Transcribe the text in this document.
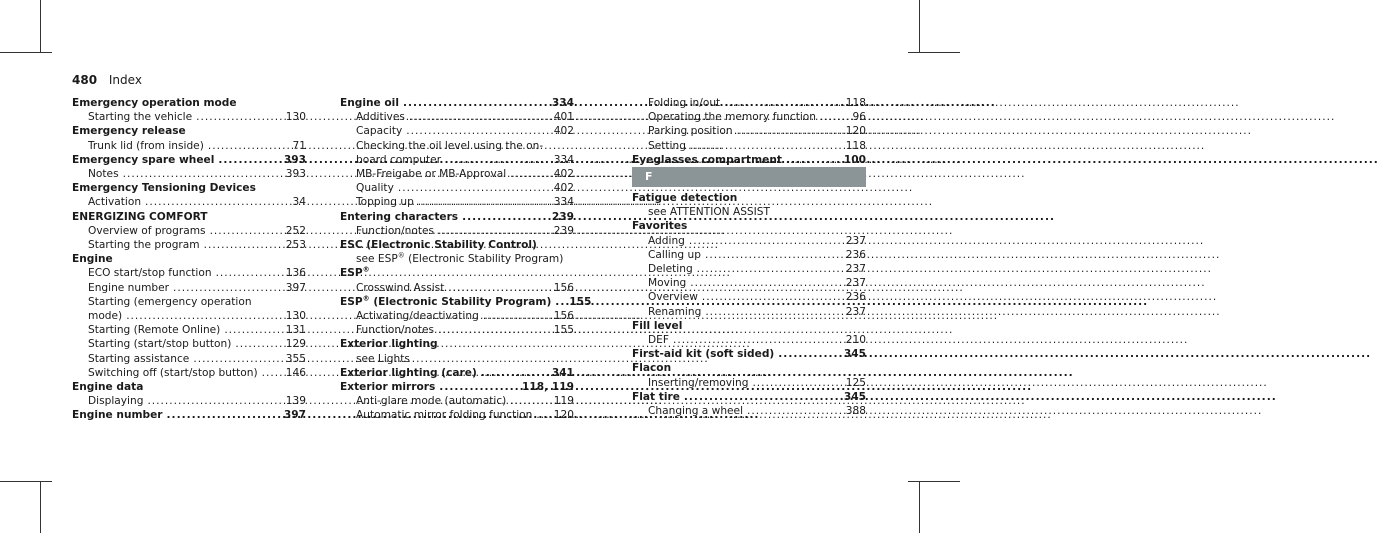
480 Index
Emergency operation mode
Starting the vehicle .....	130
Emergency release
Trunk lid (from inside) .....	71
Emergency spare wheel .....	393
Notes .....	393
Emergency Tensioning Devices
Activation .....	34
ENERGIZING COMFORT
Overview of programs .....	252
Starting the program .....	253
Engine
ECO start/stop function .....	136
Engine number .....	397
Starting (emergency operation
mode) .....	130
Starting (Remote Online) .....	131
Starting (start/stop button) .....	129
Starting assistance .....	355
Switching off (start/stop button) .....	146
Engine data
Displaying .....	139
Engine number .....	397
Engine oil .....	334
Additives .....	401
Capacity .....	402
Checking the oil level using the on-
board computer .....	334
MB-Freigabe or MB-Approval .....	402
Quality .....	402
Topping up .....	334
Entering characters .....	239
Function/notes .....	239
ESC (Electronic Stability Control)
see ESP® (Electronic Stability Program)
ESP®
Crosswind Assist .....	156
ESP® (Electronic Stability Program) ..... 155
Activating/deactivating .....	156
Function/notes .....	155
Exterior lighting
see Lights
Exterior lighting (care) .....	341
Exterior mirrors .....	118, 119
Anti-glare mode (automatic) .....	119
Automatic mirror folding function ..... 120
Folding in/out .....	118
Operating the memory function .....	96
Parking position .....	120
Setting .....	118
Eyeglasses compartment .....	100
F
Fatigue detection
see ATTENTION ASSIST
Favorites
Adding .....	237
Calling up .....	236
Deleting .....	237
Moving .....	237
Overview .....	236
Renaming .....	237
Fill level
DEF .....	210
First-aid kit (soft sided) .....	345
Flacon
Inserting/removing .....	125
Flat tire .....	345
Changing a wheel .....	388
